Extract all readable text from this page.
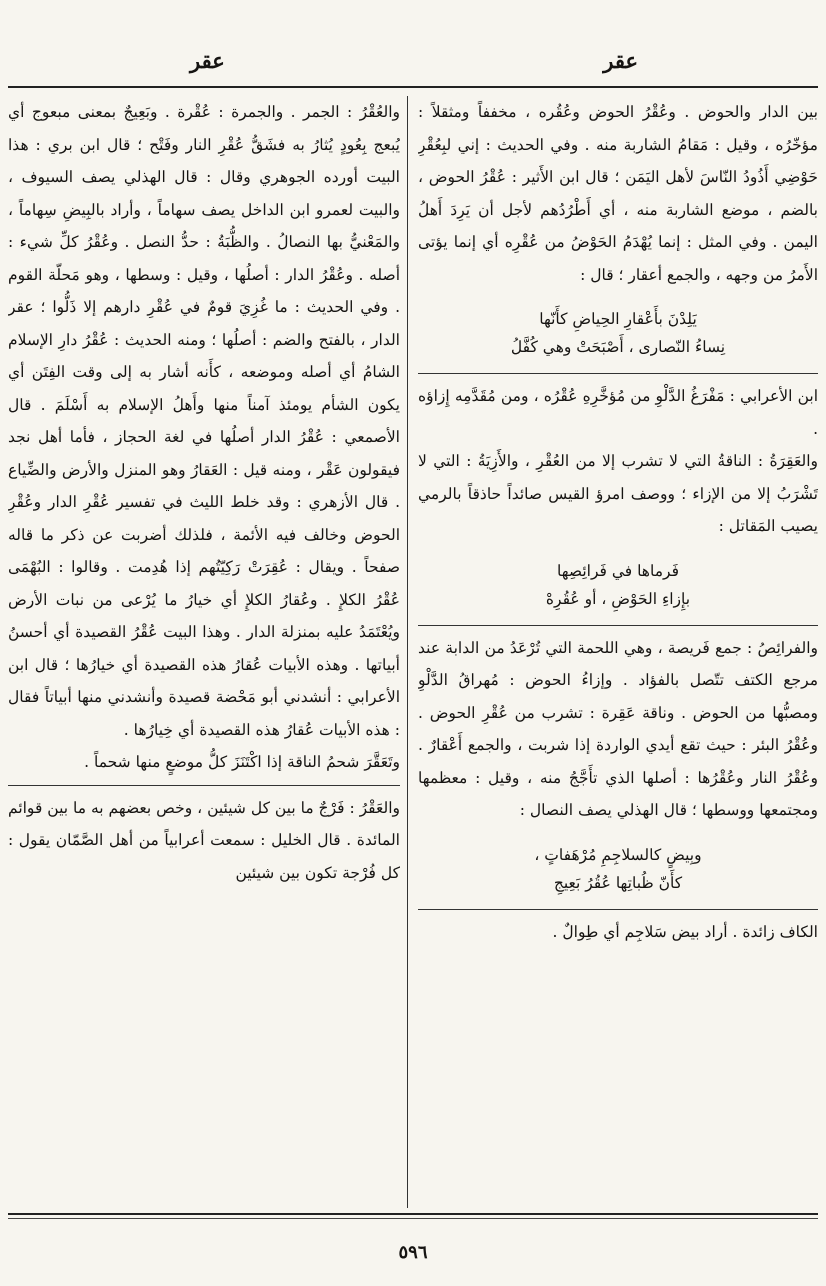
عقر
عقر

بين الدار والحوض . وعُقْرُ الحوض وعُقُره ، مخففاً ومثقلاً : مؤخّرُه ، وقيل : مَقامُ الشاربة منه . وفي الحديث : إني لبِعُقْرِ حَوْضِي أَذُودُ النّاسَ لأهل اليَمَن ؛ قال ابن الأَثير : عُقْرُ الحوض ، بالضم ، موضع الشاربة منه ، أي أَطْرُدُهم لأجل أن يَرِدَ أَهلُ اليمن . وفي المثل : إنما يُهْدَمُ الحَوْضُ من عُقْرِه أي إنما يؤتى الأَمرُ من وجهه ، والجمع أعقار ؛ قال :

يَلِدْنَ بأَعْقارِ الحِياضِ كأَنّها
نِساءُ النّصارى ، أَصْبَحَتْ وهي كُفَّلُ

ابن الأعرابي : مَفْرَغُ الدَّلْوِ من مُؤخَّرِهِ عُقْرُه ، ومن مُقَدَّمِه إِزاؤه .

والعَقِرَةُ : الناقةُ التي لا تشرب إلا من العُقْرِ ، والأَزِيَةُ : التي لا تَشْرَبُ إلا من الإزاء ؛ ووصف امرؤ القيس صائداً حاذقاً بالرمي يصيب المَقاتل :

فَرماها في فَرائِصِها
بإِزاءِ الحَوْضِ ، أو عُقُرِهْ

والفرائِصُ : جمع فَريصة ، وهي اللحمة التي تُرْعَدُ من الدابة عند مرجع الكتف تتّصل بالفؤاد . وإزاءُ الحوض : مُهراقُ الدَّلْوِ ومصبُّها من الحوض . وناقة عَقِرة : تشرب من عُقْرِ الحوض . وعُقْرُ البئر : حيث تقع أيدي الواردة إذا شربت ، والجمع أَعْقارٌ . وعُقْرُ النار وعُقْرُها : أصلها الذي تأَجَّجُ منه ، وقيل : معظمها ومجتمعها ووسطها ؛ قال الهذلي يصف النصال :

وبِيضٍ كالسلاجِمِ مُرْهَفاتٍ ،
كأَنّ ظُباتِها عُقُرُ بَعِيجِ

الكاف زائدة . أراد بيض سَلاجِم أي طِوالٌ .

والعُقْرُ : الجمر . والجمرة : عُقْرة . وبَعِيجٌ بمعنى مبعوج أي يُبعج بِعُودٍ يُثارُ به فشَقُّ عُقْرِ النار وفَتْح ؛ قال ابن بري : هذا البيت أورده الجوهري وقال : قال الهذلي يصف السيوف ، والبيت لعمرو ابن الداخل يصف سهاماً ، وأراد بالبِيضِ سِهاماً ، والمَعْنيُّ بها النصالُ . والظُّبَةُ : حدُّ النصل . وعُقْرُ كلِّ شيء : أصله . وعُقْرُ الدار : أصلُها ، وقيل : وسطها ، وهو مَحلّة القوم . وفي الحديث : ما غُزِيَ قومٌ في عُقْرِ دارهم إلا ذَلُّوا ؛ عقر الدار ، بالفتح والضم : أصلُها ؛ ومنه الحديث : عُقْرُ دارِ الإسلام الشامُ أي أصله وموضعه ، كأَنه أشار به إلى وقت الفِتَن أي يكون الشأم يومئذ آمناً منها وأَهلُ الإسلام به أَسْلَمَ . قال الأصمعي : عُقْرُ الدار أصلُها في لغة الحجاز ، فأما أهل نجد فيقولون عَقْر ، ومنه قيل : العَقارُ وهو المنزل والأرض والضِّياع . قال الأزهري : وقد خلط الليث في تفسير عُقْرِ الدار وعُقْرِ الحوض وخالف فيه الأئمة ، فلذلك أضربت عن ذكر ما قاله صفحاً . ويقال : عُقِرَتْ رَكِيّتُهم إذا هُدِمت . وقالوا : البُهْمَى عُقْرُ الكلإِ . وعُقارُ الكلإِ أي خيارُ ما يُرْعى من نبات الأرض ويُعْتَمَدُ عليه بمنزلة الدار . وهذا البيت عُقْرُ القصيدة أي أحسنُ أبياتها . وهذه الأبيات عُقارُ هذه القصيدة أي خيارُها ؛ قال ابن الأعرابي : أنشدني أبو مَحْضة قصيدة وأنشدني منها أبياتاً فقال : هذه الأبيات عُقارُ هذه القصيدة أي خِيارُها .

وتَعَقَّرَ شحمُ الناقة إذا اكْتَنَزَ كلُّ موضعٍ منها شحماً .

والعَقْرُ : فَرْجٌ ما بين كل شيئين ، وخص بعضهم به ما بين قوائم المائدة . قال الخليل : سمعت أعرابياً من أهل الصَّمّان يقول : كل فُرْجة تكون بين شيئين

٥٩٦
